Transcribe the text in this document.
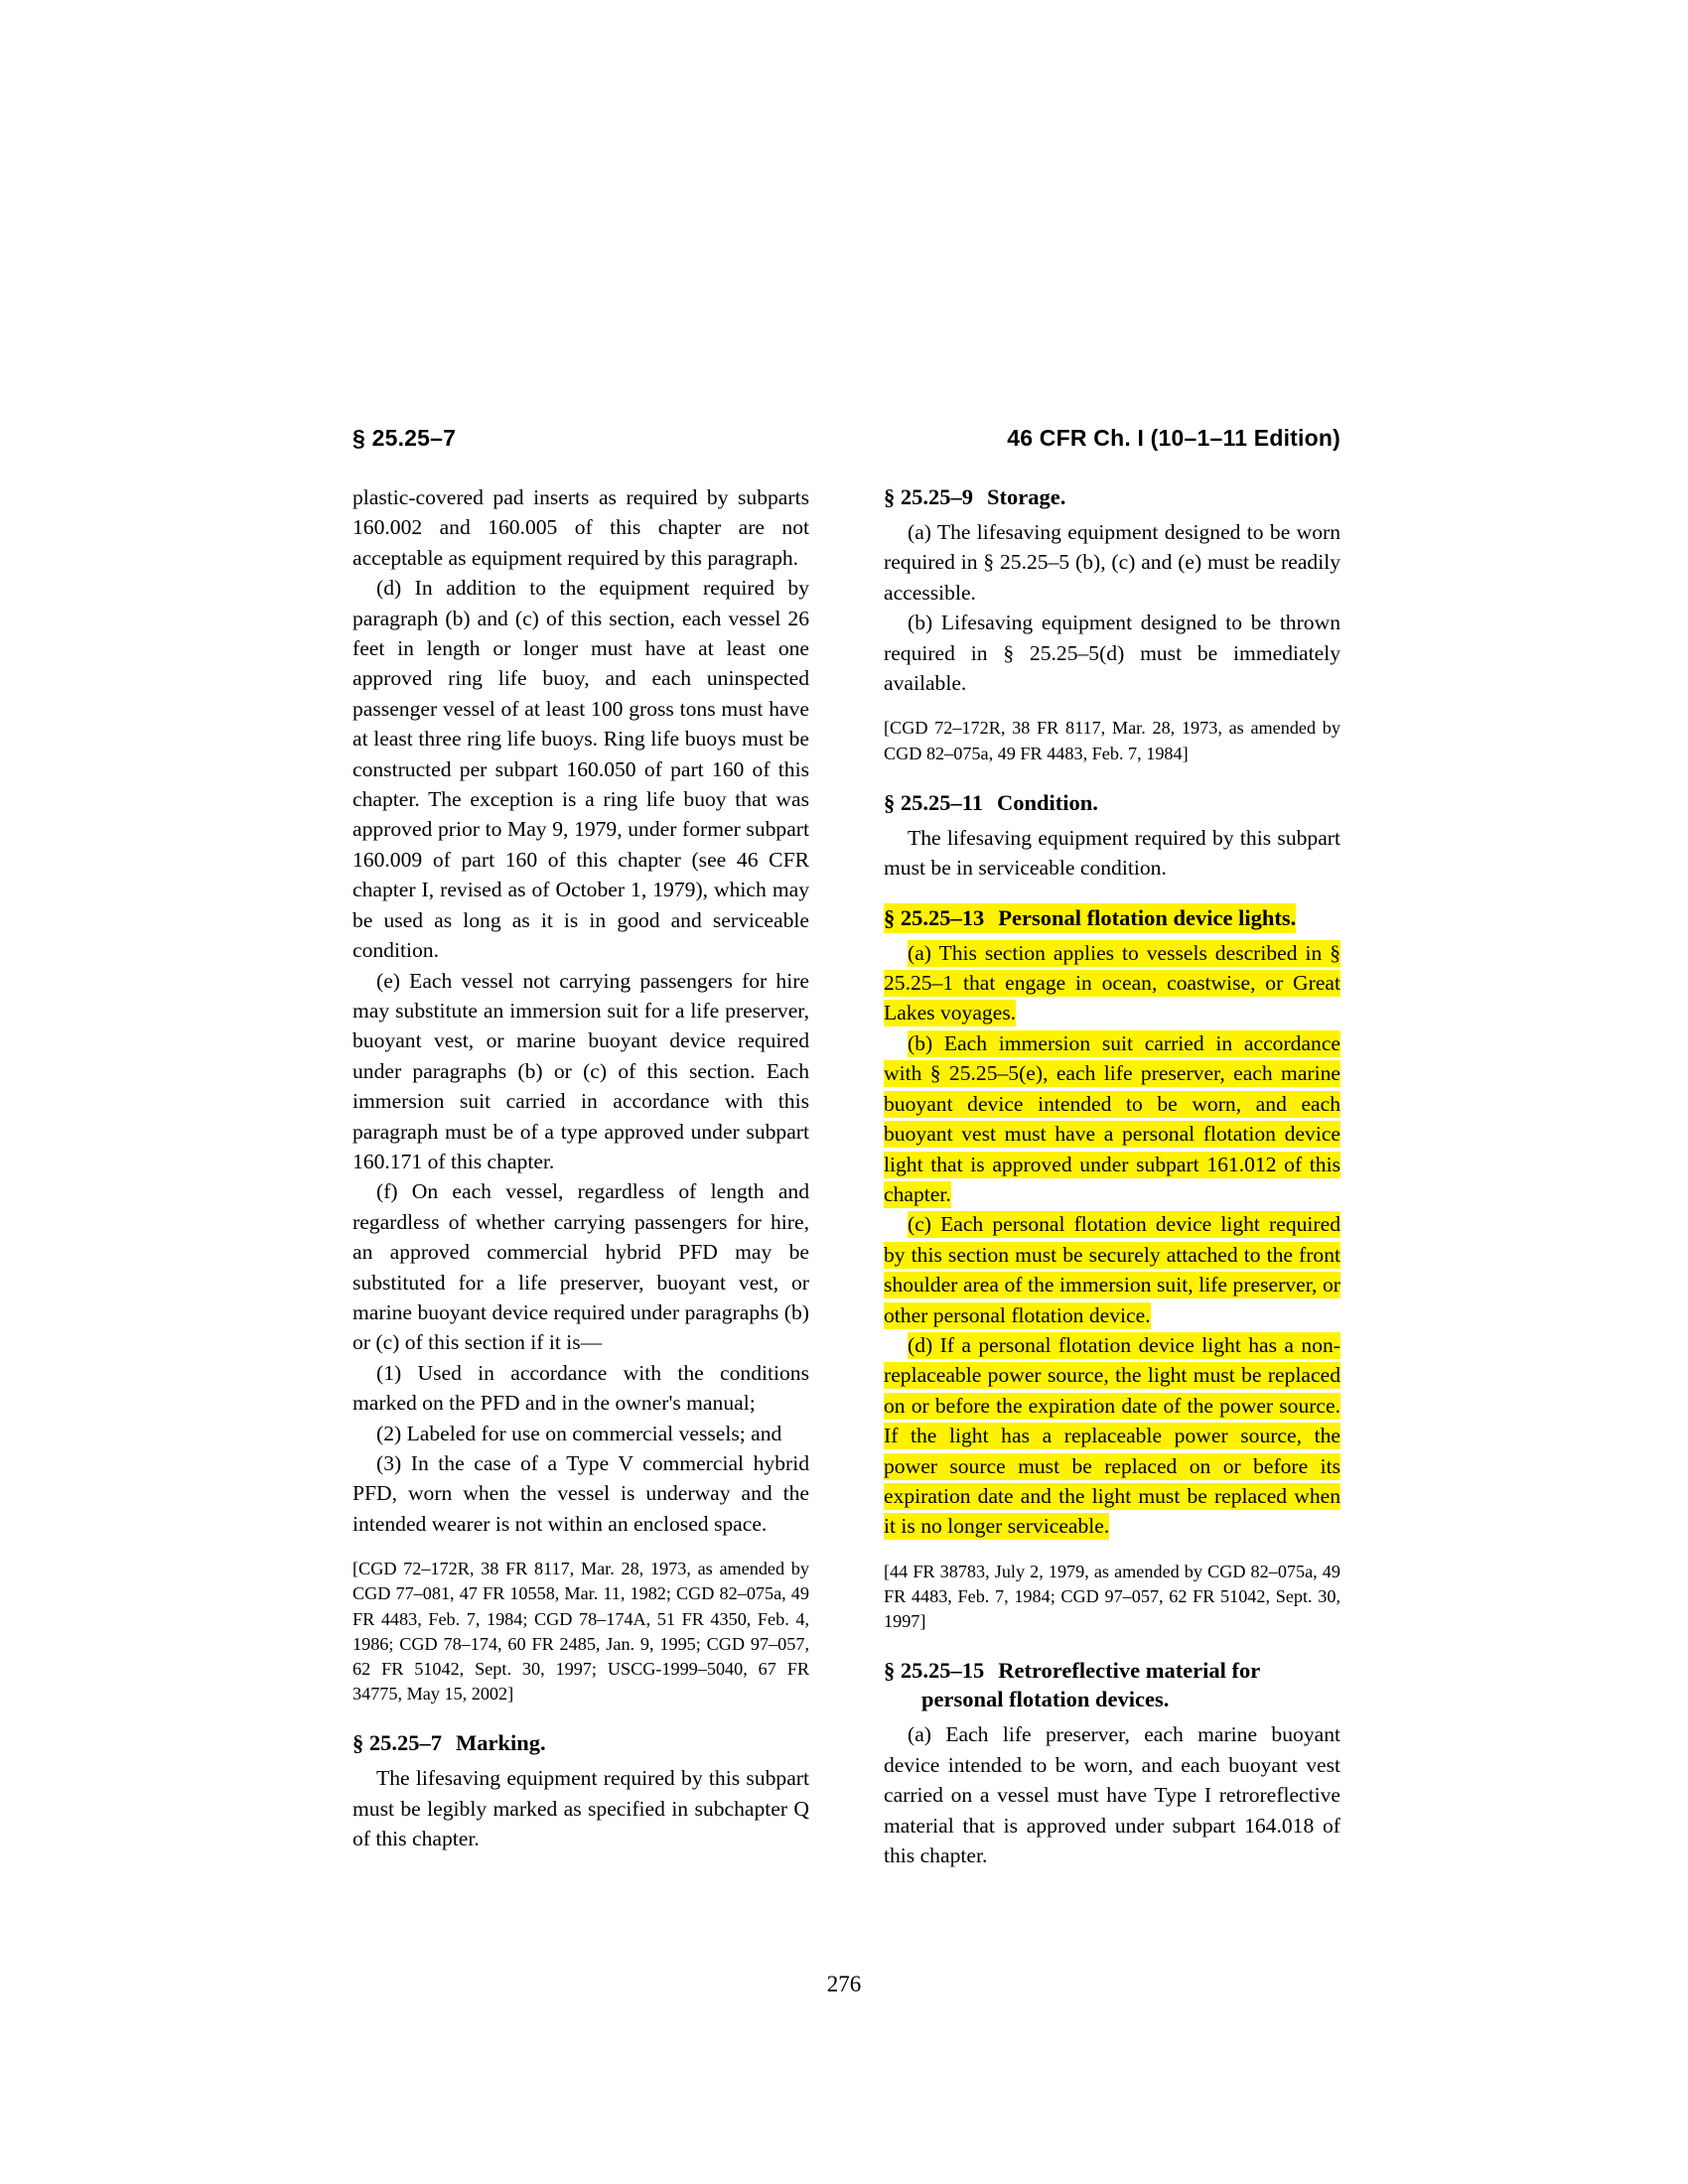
§ 25.25–7	46 CFR Ch. I (10–1–11 Edition)

plastic-covered pad inserts as required by subparts 160.002 and 160.005 of this chapter are not acceptable as equipment required by this paragraph.

(d) In addition to the equipment required by paragraph (b) and (c) of this section, each vessel 26 feet in length or longer must have at least one approved ring life buoy, and each uninspected passenger vessel of at least 100 gross tons must have at least three ring life buoys. Ring life buoys must be constructed per subpart 160.050 of part 160 of this chapter. The exception is a ring life buoy that was approved prior to May 9, 1979, under former subpart 160.009 of part 160 of this chapter (see 46 CFR chapter I, revised as of October 1, 1979), which may be used as long as it is in good and serviceable condition.

(e) Each vessel not carrying passengers for hire may substitute an immersion suit for a life preserver, buoyant vest, or marine buoyant device required under paragraphs (b) or (c) of this section. Each immersion suit carried in accordance with this paragraph must be of a type approved under subpart 160.171 of this chapter.

(f) On each vessel, regardless of length and regardless of whether carrying passengers for hire, an approved commercial hybrid PFD may be substituted for a life preserver, buoyant vest, or marine buoyant device required under paragraphs (b) or (c) of this section if it is—

(1) Used in accordance with the conditions marked on the PFD and in the owner's manual;

(2) Labeled for use on commercial vessels; and

(3) In the case of a Type V commercial hybrid PFD, worn when the vessel is underway and the intended wearer is not within an enclosed space.

[CGD 72–172R, 38 FR 8117, Mar. 28, 1973, as amended by CGD 77–081, 47 FR 10558, Mar. 11, 1982; CGD 82–075a, 49 FR 4483, Feb. 7, 1984; CGD 78–174A, 51 FR 4350, Feb. 4, 1986; CGD 78–174, 60 FR 2485, Jan. 9, 1995; CGD 97–057, 62 FR 51042, Sept. 30, 1997; USCG-1999–5040, 67 FR 34775, May 15, 2002]

§ 25.25–7 Marking.

The lifesaving equipment required by this subpart must be legibly marked as specified in subchapter Q of this chapter.

§ 25.25–9 Storage.

(a) The lifesaving equipment designed to be worn required in § 25.25–5 (b), (c) and (e) must be readily accessible.

(b) Lifesaving equipment designed to be thrown required in § 25.25–5(d) must be immediately available.

[CGD 72–172R, 38 FR 8117, Mar. 28, 1973, as amended by CGD 82–075a, 49 FR 4483, Feb. 7, 1984]

§ 25.25–11 Condition.

The lifesaving equipment required by this subpart must be in serviceable condition.

§ 25.25–13 Personal flotation device lights.

(a) This section applies to vessels described in § 25.25–1 that engage in ocean, coastwise, or Great Lakes voyages.

(b) Each immersion suit carried in accordance with § 25.25–5(e), each life preserver, each marine buoyant device intended to be worn, and each buoyant vest must have a personal flotation device light that is approved under subpart 161.012 of this chapter.

(c) Each personal flotation device light required by this section must be securely attached to the front shoulder area of the immersion suit, life preserver, or other personal flotation device.

(d) If a personal flotation device light has a non-replaceable power source, the light must be replaced on or before the expiration date of the power source. If the light has a replaceable power source, the power source must be replaced on or before its expiration date and the light must be replaced when it is no longer serviceable.

[44 FR 38783, July 2, 1979, as amended by CGD 82–075a, 49 FR 4483, Feb. 7, 1984; CGD 97–057, 62 FR 51042, Sept. 30, 1997]

§ 25.25–15 Retroreflective material for personal flotation devices.

(a) Each life preserver, each marine buoyant device intended to be worn, and each buoyant vest carried on a vessel must have Type I retroreflective material that is approved under subpart 164.018 of this chapter.

276
